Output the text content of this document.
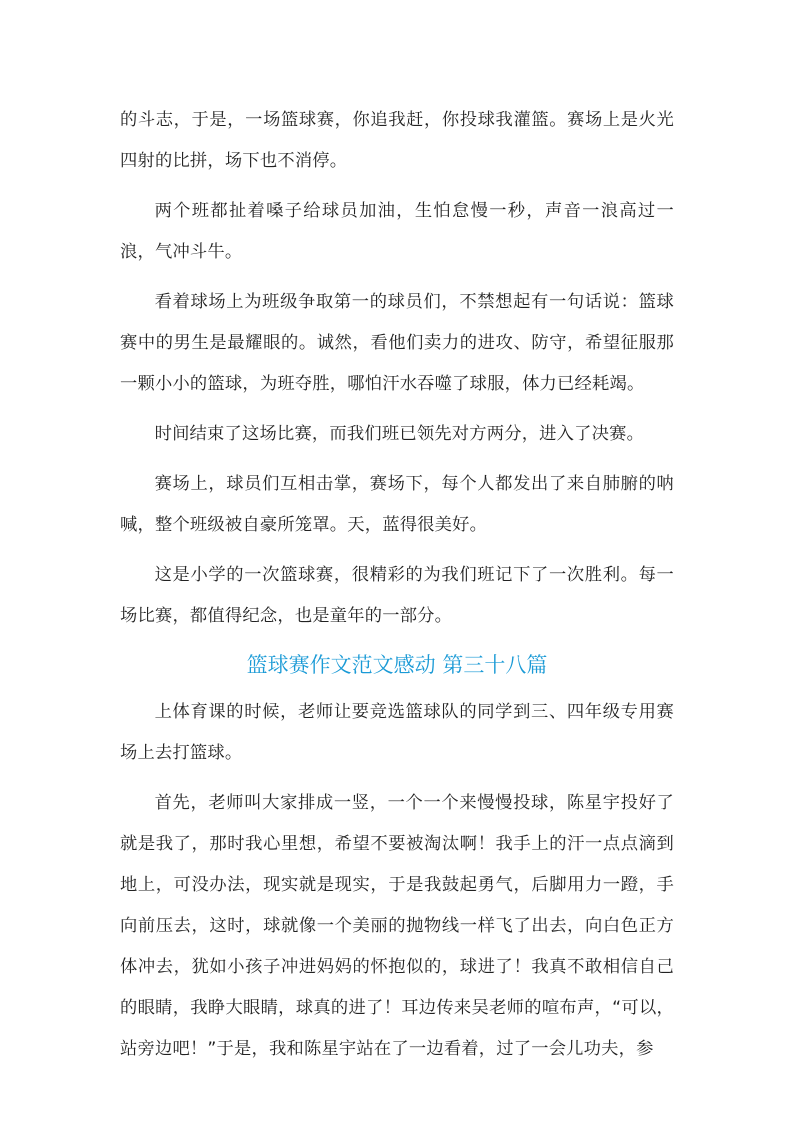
的斗志，于是，一场篮球赛，你追我赶，你投球我灌篮。赛场上是火光四射的比拼，场下也不消停。

两个班都扯着嗓子给球员加油，生怕怠慢一秒，声音一浪高过一浪，气冲斗牛。

看着球场上为班级争取第一的球员们，不禁想起有一句话说：篮球赛中的男生是最耀眼的。诚然，看他们卖力的进攻、防守，希望征服那一颗小小的篮球，为班夺胜，哪怕汗水吞噬了球服，体力已经耗竭。

时间结束了这场比赛，而我们班已领先对方两分，进入了决赛。

赛场上，球员们互相击掌，赛场下，每个人都发出了来自肺腑的呐喊，整个班级被自豪所笼罩。天，蓝得很美好。

这是小学的一次篮球赛，很精彩的为我们班记下了一次胜利。每一场比赛，都值得纪念，也是童年的一部分。

篮球赛作文范文感动 第三十八篇

上体育课的时候，老师让要竞选篮球队的同学到三、四年级专用赛场上去打篮球。

首先，老师叫大家排成一竖，一个一个来慢慢投球，陈星宇投好了就是我了，那时我心里想，希望不要被淘汰啊！我手上的汗一点点滴到地上，可没办法，现实就是现实，于是我鼓起勇气，后脚用力一蹬，手向前压去，这时，球就像一个美丽的抛物线一样飞了出去，向白色正方体冲去，犹如小孩子冲进妈妈的怀抱似的，球进了！我真不敢相信自己的眼睛，我睁大眼睛，球真的进了！耳边传来吴老师的喧布声，“可以，站旁边吧！”于是，我和陈星宇站在了一边看着，过了一会儿功夫，参
